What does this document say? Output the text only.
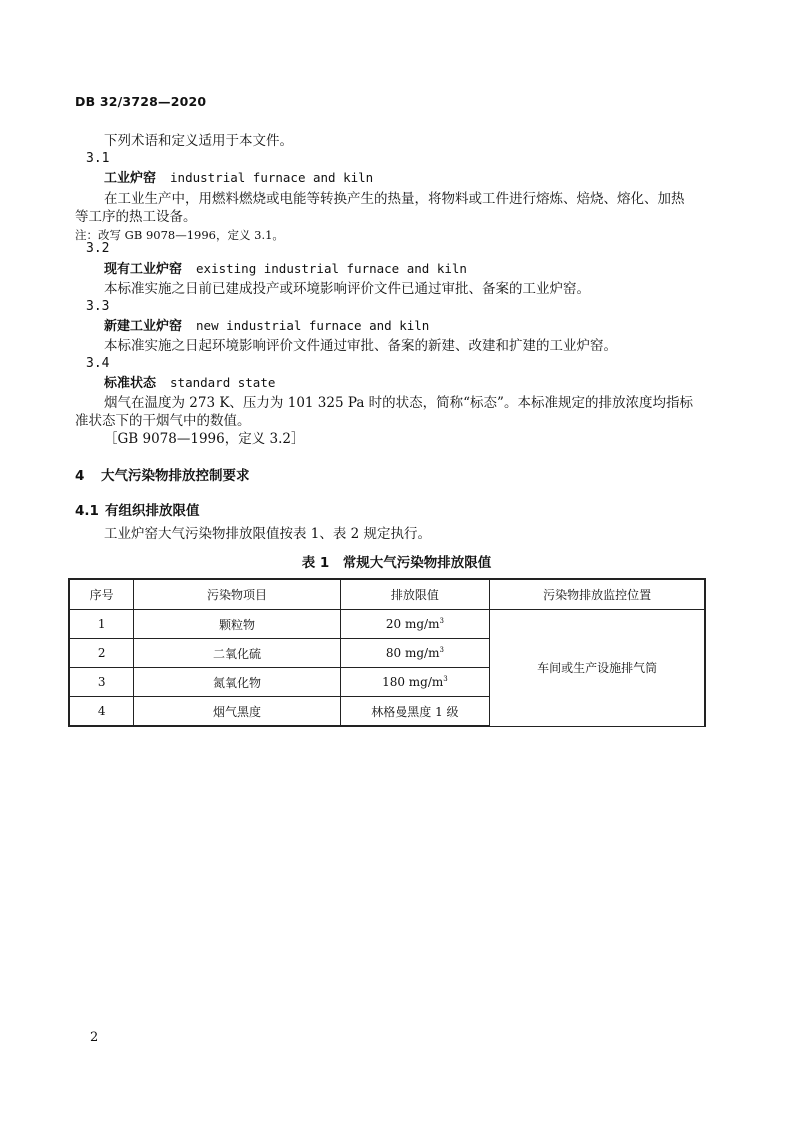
DB 32/3728—2020
下列术语和定义适用于本文件。
3.1
工业炉窑 industrial furnace and kiln
在工业生产中，用燃料燃烧或电能等转换产生的热量，将物料或工件进行熔炼、焙烧、熔化、加热
等工序的热工设备。
注：改写 GB 9078—1996，定义 3.1。
3.2
现有工业炉窑 existing industrial furnace and kiln
本标准实施之日前已建成投产或环境影响评价文件已通过审批、备案的工业炉窑。
3.3
新建工业炉窑 new industrial furnace and kiln
本标准实施之日起环境影响评价文件通过审批、备案的新建、改建和扩建的工业炉窑。
3.4
标准状态 standard state
烟气在温度为 273 K、压力为 101 325 Pa 时的状态，简称“标态”。本标准规定的排放浓度均指标
准状态下的干烟气中的数值。
［GB 9078—1996，定义 3.2］
4 大气污染物排放控制要求
4.1 有组织排放限值
工业炉窑大气污染物排放限值按表 1、表 2 规定执行。
表 1　常规大气污染物排放限值
序号	污染物项目	排放限值	污染物排放监控位置
1	颗粒物	20 $mg/m^3$	车间或生产设施排气筒
2	二氧化硫	80 $mg/m^3$
3	氮氧化物	180 $mg/m^3$
4	烟气黑度	林格曼黑度 1 级	
2
